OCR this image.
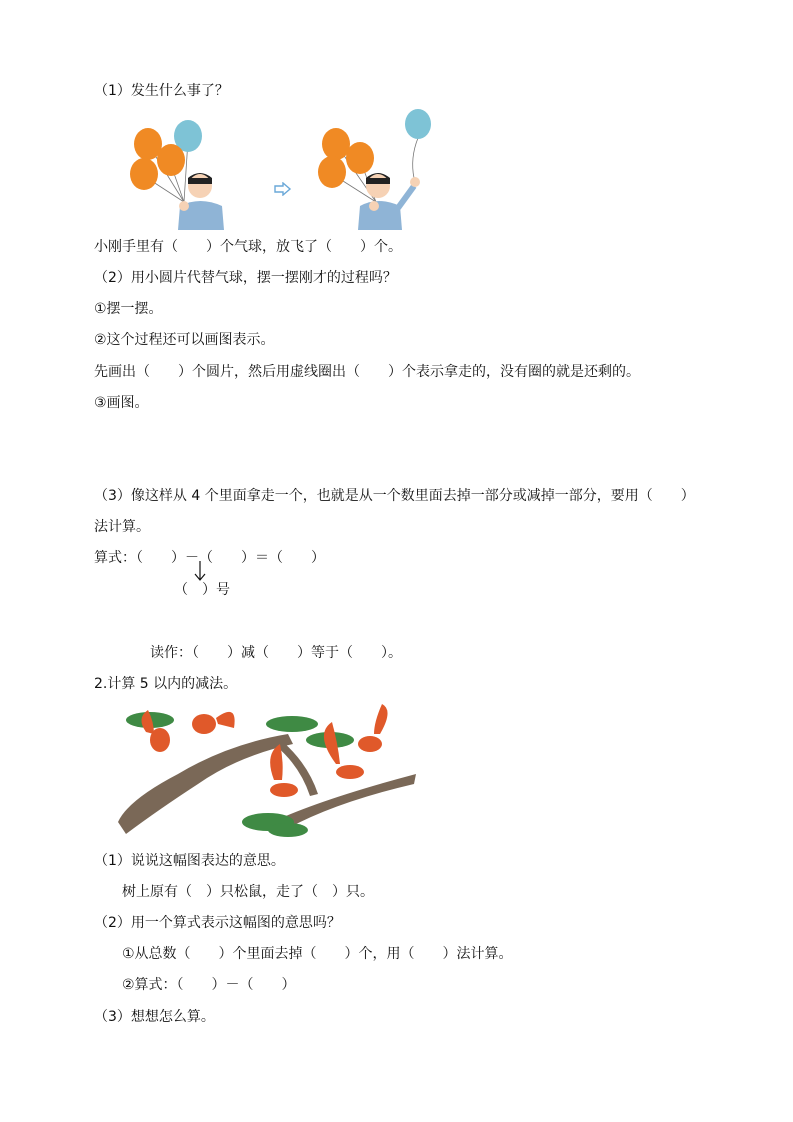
（1）发生什么事了？
小刚手里有（　　）个气球，放飞了（　　）个。
（2）用小圆片代替气球，摆一摆刚才的过程吗？
①摆一摆。
②这个过程还可以画图表示。
先画出（　　）个圆片，然后用虚线圈出（　　）个表示拿走的，没有圈的就是还剩的。
③画图。
（3）像这样从 4 个里面拿走一个，也就是从一个数里面去掉一部分或减掉一部分，要用（　　）
法计算。
算式：（　　）－（　　）＝（　　）
（　）号
读作：（　　）减（　　）等于（　　）。
2.计算 5 以内的减法。
（1）说说这幅图表达的意思。
树上原有（　）只松鼠，走了（　）只。
（2）用一个算式表示这幅图的意思吗？
①从总数（　　）个里面去掉（　　）个，用（　　）法计算。
②算式：（　　）－（　　）
（3）想想怎么算。
